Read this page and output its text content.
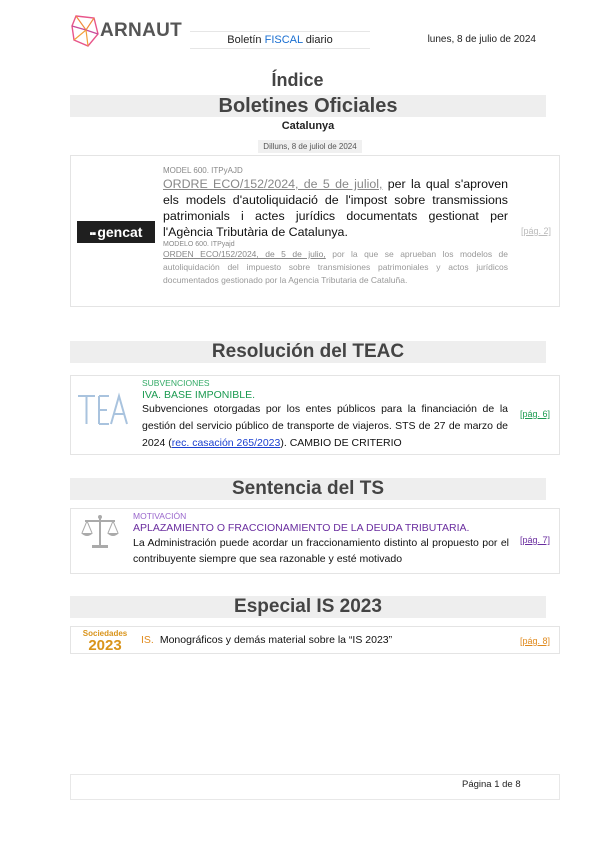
ARNAUT	Boletín FISCAL diario	lunes, 8 de julio de 2024
Índice
Boletines Oficiales
Catalunya
Dilluns, 8 de juliol de 2024
▪▪ gencat
MODEL 600. ITPyAJD
ORDRE ECO/152/2024, de 5 de juliol, per la qual s'aproven els models d'autoliquidació de l'impost sobre transmissions patrimonials i actes jurídics documentats gestionat per l'Agència Tributària de Catalunya.
MODELO 600. ITPyajd
ORDEN ECO/152/2024, de 5 de julio, por la que se aprueban los modelos de autoliquidación del impuesto sobre transmisiones patrimoniales y actos jurídicos documentados gestionado por la Agencia Tributaria de Cataluña.
[pág. 2]
Resolución del TEAC
SUBVENCIONES
IVA. BASE IMPONIBLE.
Subvenciones otorgadas por los entes públicos para la financiación de la gestión del servicio público de transporte de viajeros. STS de 27 de marzo de 2024 (rec. casación 265/2023). CAMBIO DE CRITERIO
[pág. 6]
Sentencia del TS
MOTIVACIÓN
APLAZAMIENTO O FRACCIONAMIENTO DE LA DEUDA TRIBUTARIA.
La Administración puede acordar un fraccionamiento distinto al propuesto por el contribuyente siempre que sea razonable y esté motivado
[pág. 7]
Especial IS 2023
Sociedades
2023	IS. Monográficos y demás material sobre la “IS 2023”	[pág. 8]
Página 1 de 8
